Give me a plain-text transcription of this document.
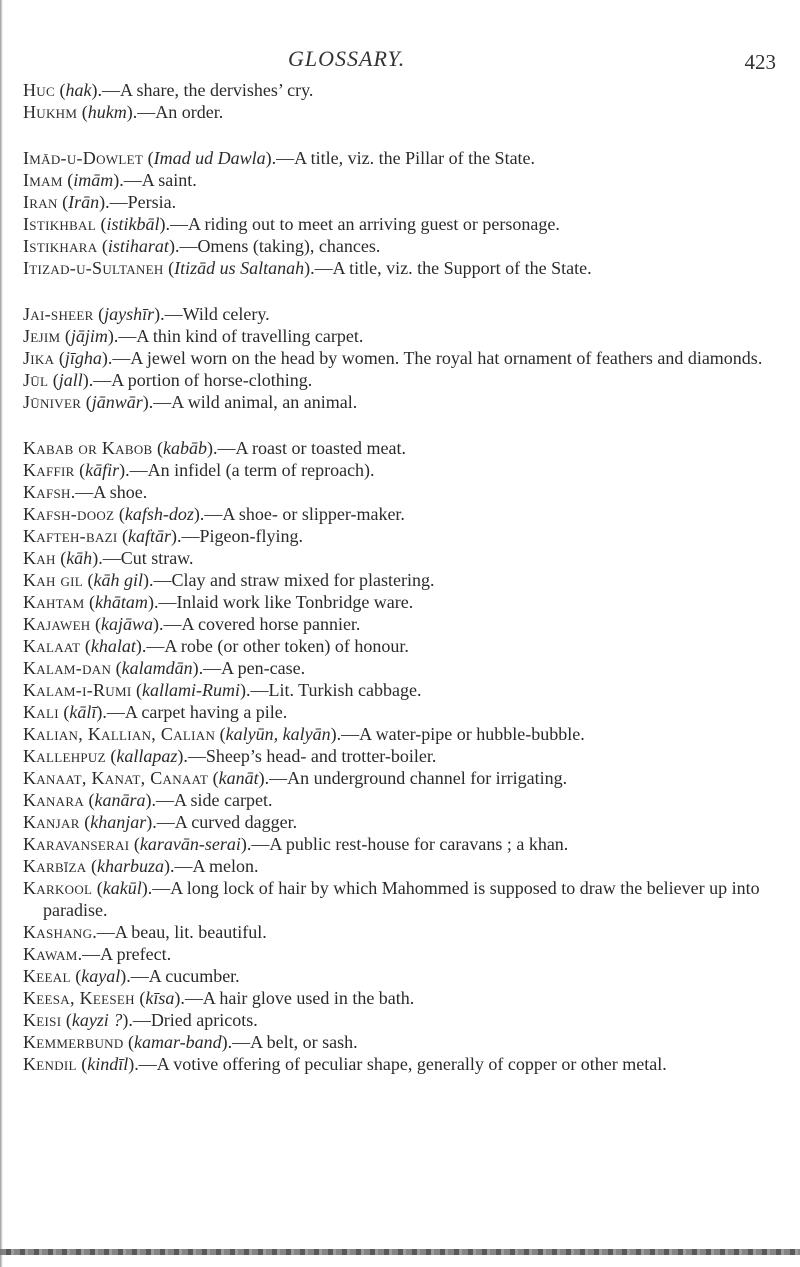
GLOSSARY.	423

Huc (hak).—A share, the dervishes’ cry.

Hukhm (hukm).—An order.

Imād-u-Dowlet (Imad ud Dawla).—A title, viz. the Pillar of the State.

Imam (imām).—A saint.

Iran (Irān).—Persia.

Istikhbal (istikbāl).—A riding out to meet an arriving guest or personage.

Istikhara (istiharat).—Omens (taking), chances.

Itizad-u-Sultaneh (Itizād us Saltanah).—A title, viz. the Support of the State.

Jai-sheer (jayshīr).—Wild celery.

Jejim (jājim).—A thin kind of travelling carpet.

Jika (jīgha).—A jewel worn on the head by women. The royal hat ornament of feathers and diamonds.

Jūl (jall).—A portion of horse-clothing.

Jūniver (jānwār).—A wild animal, an animal.

Kabab or Kabob (kabāb).—A roast or toasted meat.

Kaffir (kāfir).—An infidel (a term of reproach).

Kafsh.—A shoe.

Kafsh-dooz (kafsh-doz).—A shoe- or slipper-maker.

Kafteh-bazi (kaftār).—Pigeon-flying.

Kah (kāh).—Cut straw.

Kah gil (kāh gil).—Clay and straw mixed for plastering.

Kahtam (khātam).—Inlaid work like Tonbridge ware.

Kajaweh (kajāwa).—A covered horse pannier.

Kalaat (khalat).—A robe (or other token) of honour.

Kalam-dan (kalamdān).—A pen-case.

Kalam-i-Rumi (kallami-Rumi).—Lit. Turkish cabbage.

Kali (kālī).—A carpet having a pile.

Kalian, Kallian, Calian (kalyūn, kalyān).—A water-pipe or hubble-bubble.

Kallehpuz (kallapaz).—Sheep’s head- and trotter-boiler.

Kanaat, Kanat, Canaat (kanāt).—An underground channel for irrigating.

Kanara (kanāra).—A side carpet.

Kanjar (khanjar).—A curved dagger.

Karavanserai (karavān-serai).—A public rest-house for caravans ; a khan.

Karbīza (kharbuza).—A melon.

Karkool (kakūl).—A long lock of hair by which Mahommed is supposed to draw the believer up into paradise.

Kashang.—A beau, lit. beautiful.

Kawam.—A prefect.

Keeal (kayal).—A cucumber.

Keesa, Keeseh (kīsa).—A hair glove used in the bath.

Keisi (kayzi ?).—Dried apricots.

Kemmerbund (kamar-band).—A belt, or sash.

Kendil (kindīl).—A votive offering of peculiar shape, generally of copper or other metal.
